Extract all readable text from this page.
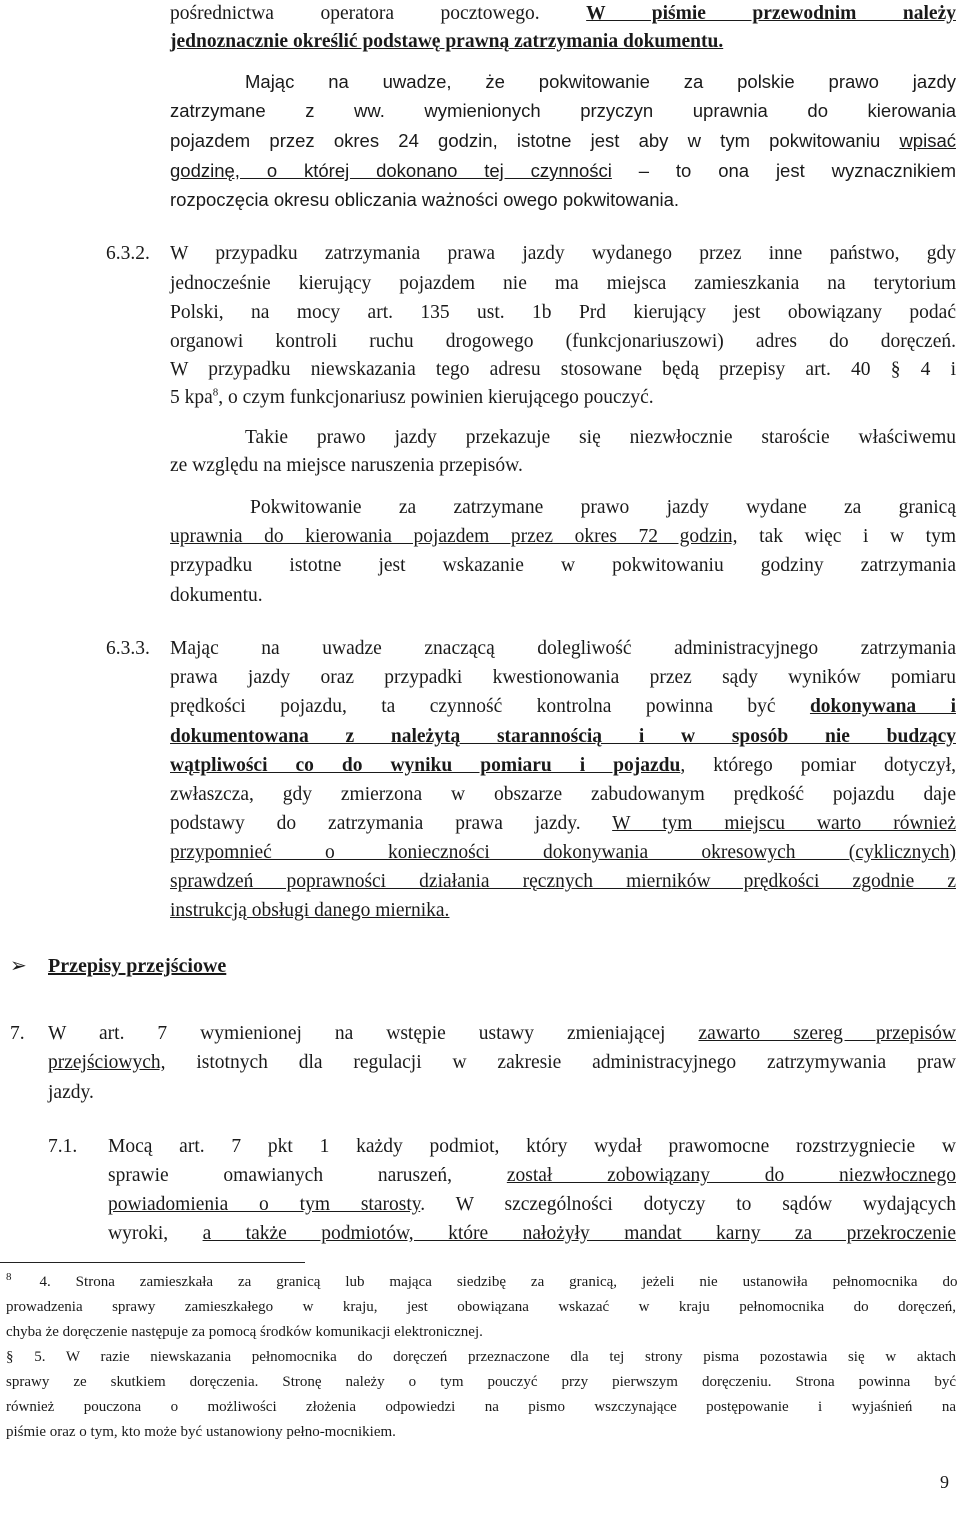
pośrednictwa operatora pocztowego. W piśmie przewodnim należy
jednoznacznie określić podstawę prawną zatrzymania dokumentu.
Mając na uwadze, że pokwitowanie za polskie prawo jazdy
zatrzymane z ww. wymienionych przyczyn uprawnia do kierowania
pojazdem przez okres 24 godzin, istotne jest aby w tym pokwitowaniu wpisać
godzinę, o której dokonano tej czynności – to ona jest wyznacznikiem
rozpoczęcia okresu obliczania ważności owego pokwitowania.
6.3.2. W przypadku zatrzymania prawa jazdy wydanego przez inne państwo, gdy
jednocześnie kierujący pojazdem nie ma miejsca zamieszkania na terytorium
Polski, na mocy art. 135 ust. 1b Prd kierujący jest obowiązany podać
organowi kontroli ruchu drogowego (funkcjonariuszowi) adres do doręczeń.
W przypadku niewskazania tego adresu stosowane będą przepisy art. 40 § 4 i
5 kpa$^8$, o czym funkcjonariusz powinien kierującego pouczyć.
Takie prawo jazdy przekazuje się niezwłocznie staroście właściwemu
ze względu na miejsce naruszenia przepisów.
Pokwitowanie za zatrzymane prawo jazdy wydane za granicą
uprawnia do kierowania pojazdem przez okres 72 godzin, tak więc i w tym
przypadku istotne jest wskazanie w pokwitowaniu godziny zatrzymania
dokumentu.
6.3.3. Mając na uwadze znaczącą dolegliwość administracyjnego zatrzymania
prawa jazdy oraz przypadki kwestionowania przez sądy wyników pomiaru
prędkości pojazdu, ta czynność kontrolna powinna być dokonywana i
dokumentowana z należytą starannością i w sposób nie budzący
wątpliwości co do wyniku pomiaru i pojazdu, którego pomiar dotyczył,
zwłaszcza, gdy zmierzona w obszarze zabudowanym prędkość pojazdu daje
podstawy do zatrzymania prawa jazdy. W tym miejscu warto również
przypomnieć o konieczności dokonywania okresowych (cyklicznych)
sprawdzeń poprawności działania ręcznych mierników prędkości zgodnie z
instrukcją obsługi danego miernika.
➢ Przepisy przejściowe
7. W art. 7 wymienionej na wstępie ustawy zmieniającej zawarto szereg przepisów
przejściowych, istotnych dla regulacji w zakresie administracyjnego zatrzymywania praw
jazdy.
7.1. Mocą art. 7 pkt 1 każdy podmiot, który wydał prawomocne rozstrzygniecie w
sprawie omawianych naruszeń, został zobowiązany do niezwłocznego
powiadomienia o tym starosty. W szczególności dotyczy to sądów wydających
wyroki, a także podmiotów, które nałożyły mandat karny za przekroczenie
$^8$ 4. Strona zamieszkała za granicą lub mająca siedzibę za granicą, jeżeli nie ustanowiła pełnomocnika do
prowadzenia sprawy zamieszkałego w kraju, jest obowiązana wskazać w kraju pełnomocnika do doręczeń,
chyba że doręczenie następuje za pomocą środków komunikacji elektronicznej.
§ 5. W razie niewskazania pełnomocnika do doręczeń przeznaczone dla tej strony pisma pozostawia się w aktach
sprawy ze skutkiem doręczenia. Stronę należy o tym pouczyć przy pierwszym doręczeniu. Strona powinna być
również pouczona o możliwości złożenia odpowiedzi na pismo wszczynające postępowanie i wyjaśnień na
piśmie oraz o tym, kto może być ustanowiony pełno-mocnikiem.
9
